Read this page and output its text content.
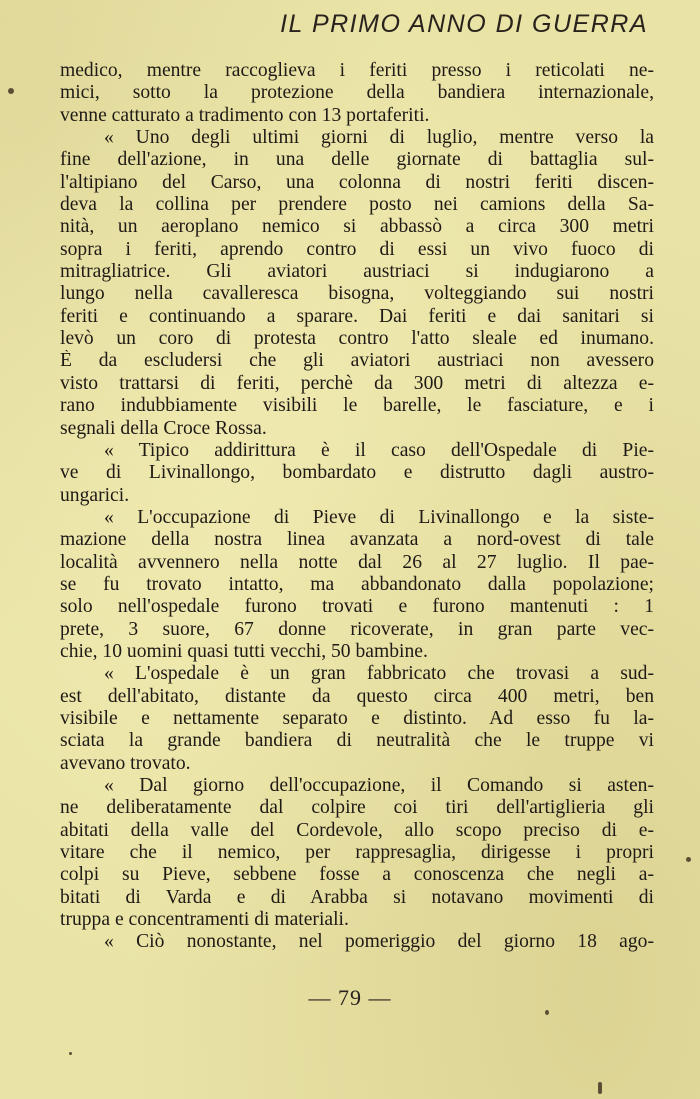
IL PRIMO ANNO DI GUERRA
medico, mentre raccoglieva i feriti presso i reticolati ne-
mici, sotto la protezione della bandiera internazionale,
venne catturato a tradimento con 13 portaferiti.
« Uno degli ultimi giorni di luglio, mentre verso la
fine dell'azione, in una delle giornate di battaglia sul-
l'altipiano del Carso, una colonna di nostri feriti discen-
deva la collina per prendere posto nei camions della Sa-
nità, un aeroplano nemico si abbassò a circa 300 metri
sopra i feriti, aprendo contro di essi un vivo fuoco di
mitragliatrice. Gli aviatori austriaci si indugiarono a
lungo nella cavalleresca bisogna, volteggiando sui nostri
feriti e continuando a sparare. Dai feriti e dai sanitari si
levò un coro di protesta contro l'atto sleale ed inumano.
È da escludersi che gli aviatori austriaci non avessero
visto trattarsi di feriti, perchè da 300 metri di altezza e-
rano indubbiamente visibili le barelle, le fasciature, e i
segnali della Croce Rossa.
« Tipico addirittura è il caso dell'Ospedale di Pie-
ve di Livinallongo, bombardato e distrutto dagli austro-
ungarici.
« L'occupazione di Pieve di Livinallongo e la siste-
mazione della nostra linea avanzata a nord-ovest di tale
località avvennero nella notte dal 26 al 27 luglio. Il pae-
se fu trovato intatto, ma abbandonato dalla popolazione;
solo nell'ospedale furono trovati e furono mantenuti : 1
prete, 3 suore, 67 donne ricoverate, in gran parte vec-
chie, 10 uomini quasi tutti vecchi, 50 bambine.
« L'ospedale è un gran fabbricato che trovasi a sud-
est dell'abitato, distante da questo circa 400 metri, ben
visibile e nettamente separato e distinto. Ad esso fu la-
sciata la grande bandiera di neutralità che le truppe vi
avevano trovato.
« Dal giorno dell'occupazione, il Comando si asten-
ne deliberatamente dal colpire coi tiri dell'artiglieria gli
abitati della valle del Cordevole, allo scopo preciso di e-
vitare che il nemico, per rappresaglia, dirigesse i propri
colpi su Pieve, sebbene fosse a conoscenza che negli a-
bitati di Varda e di Arabba si notavano movimenti di
truppa e concentramenti di materiali.
« Ciò nonostante, nel pomeriggio del giorno 18 ago-
— 79 —
